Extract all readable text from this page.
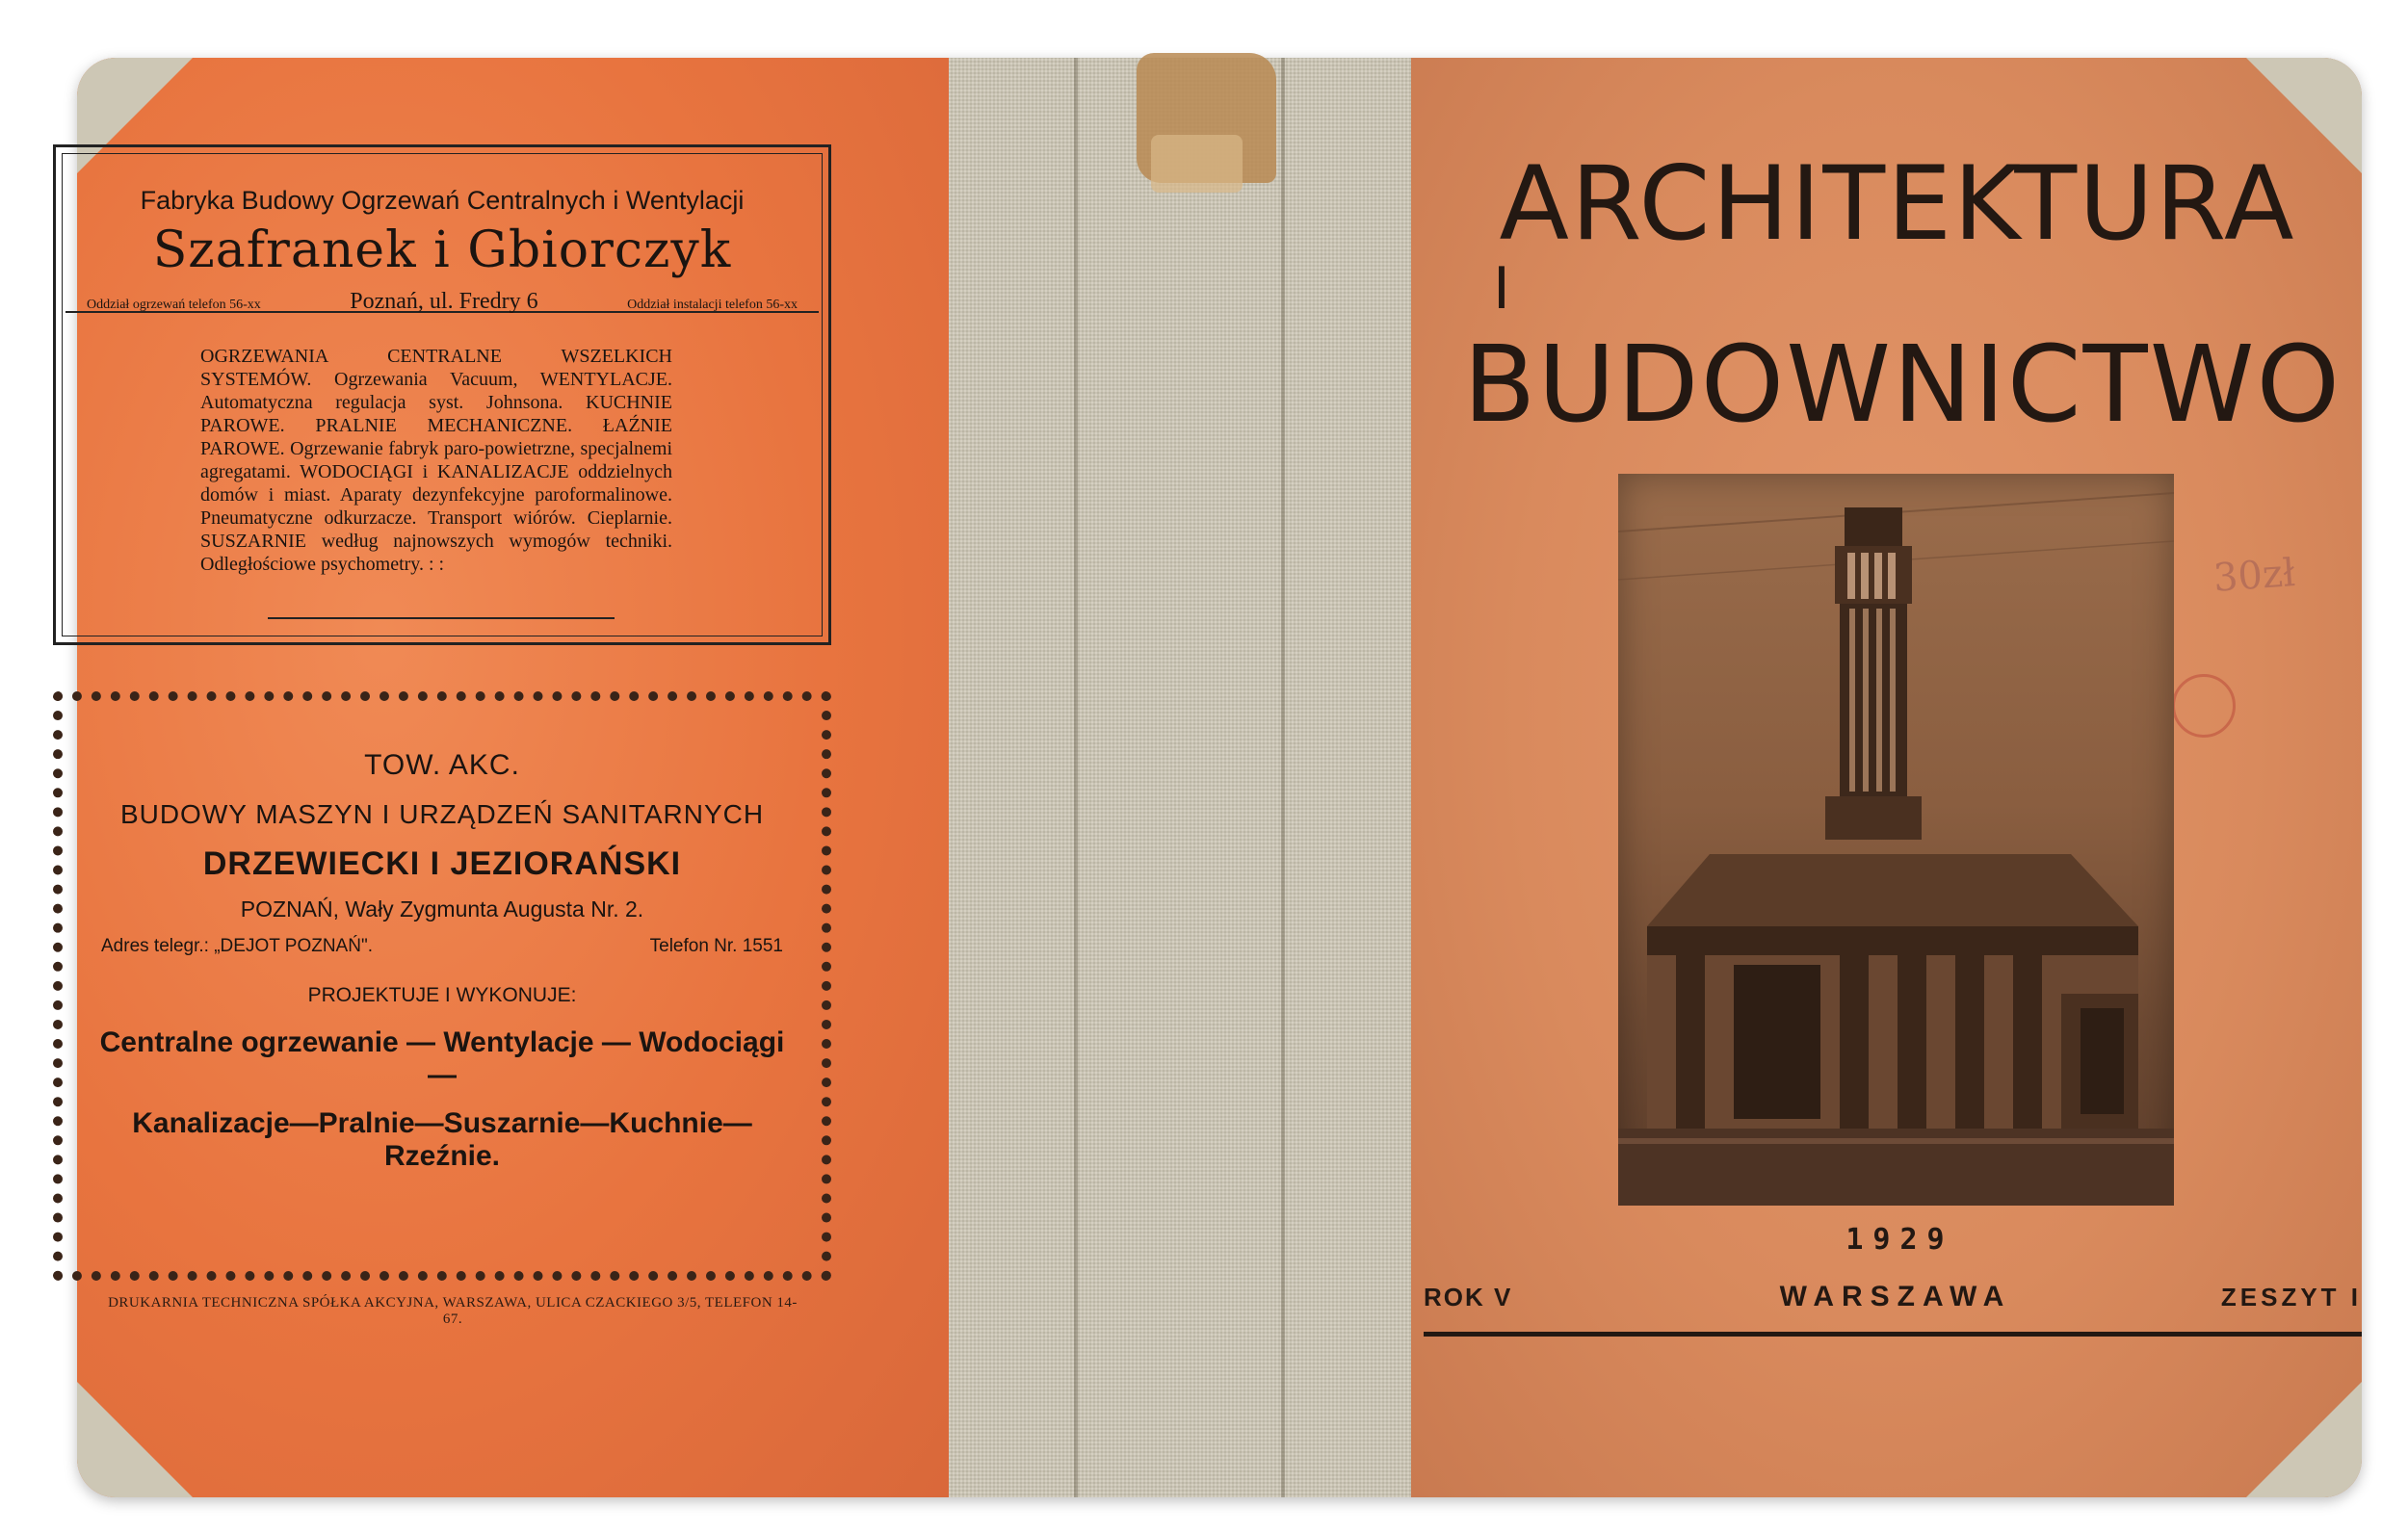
Fabryka Budowy Ogrzewań Centralnych i Wentylacji
Szafranek i Gbiorczyk
Oddział ogrzewań telefon 56-xx	Poznań, ul. Fredry 6	Oddział instalacji telefon 56-xx
OGRZEWANIA CENTRALNE WSZELKICH SYSTEMÓW. Ogrzewania Vacuum, WENTYLACJE. Automatyczna regulacja syst. Johnsona. KUCHNIE PAROWE. PRALNIE MECHANICZNE. ŁAŹNIE PAROWE. Ogrzewanie fabryk paro-powietrzne, specjalnemi agregatami. WODOCIĄGI i KANALIZACJE oddzielnych domów i miast. Aparaty dezynfekcyjne paroformalinowe. Pneumatyczne odkurzacze. Transport wiórów. Cieplarnie. SUSZARNIE według najnowszych wymogów techniki. Odległościowe psychometry. : :
TOW. AKC.
BUDOWY MASZYN I URZĄDZEŃ SANITARNYCH
DRZEWIECKI I JEZIORAŃSKI
POZNAŃ, Wały Zygmunta Augusta Nr. 2.
Adres telegr.: „DEJOT POZNAŃ".	Telefon Nr. 1551
PROJEKTUJE I WYKONUJE:
Centralne ogrzewanie — Wentylacje — Wodociągi —
Kanalizacje—Pralnie—Suszarnie—Kuchnie—Rzeźnie.
DRUKARNIA TECHNICZNA SPÓŁKA AKCYJNA, WARSZAWA, ULICA CZACKIEGO 3/5, TELEFON 14-67.
ARCHITEKTURA
I
BUDOWNICTWO
30zł
1929
ROK V	WARSZAWA	ZESZYT I
